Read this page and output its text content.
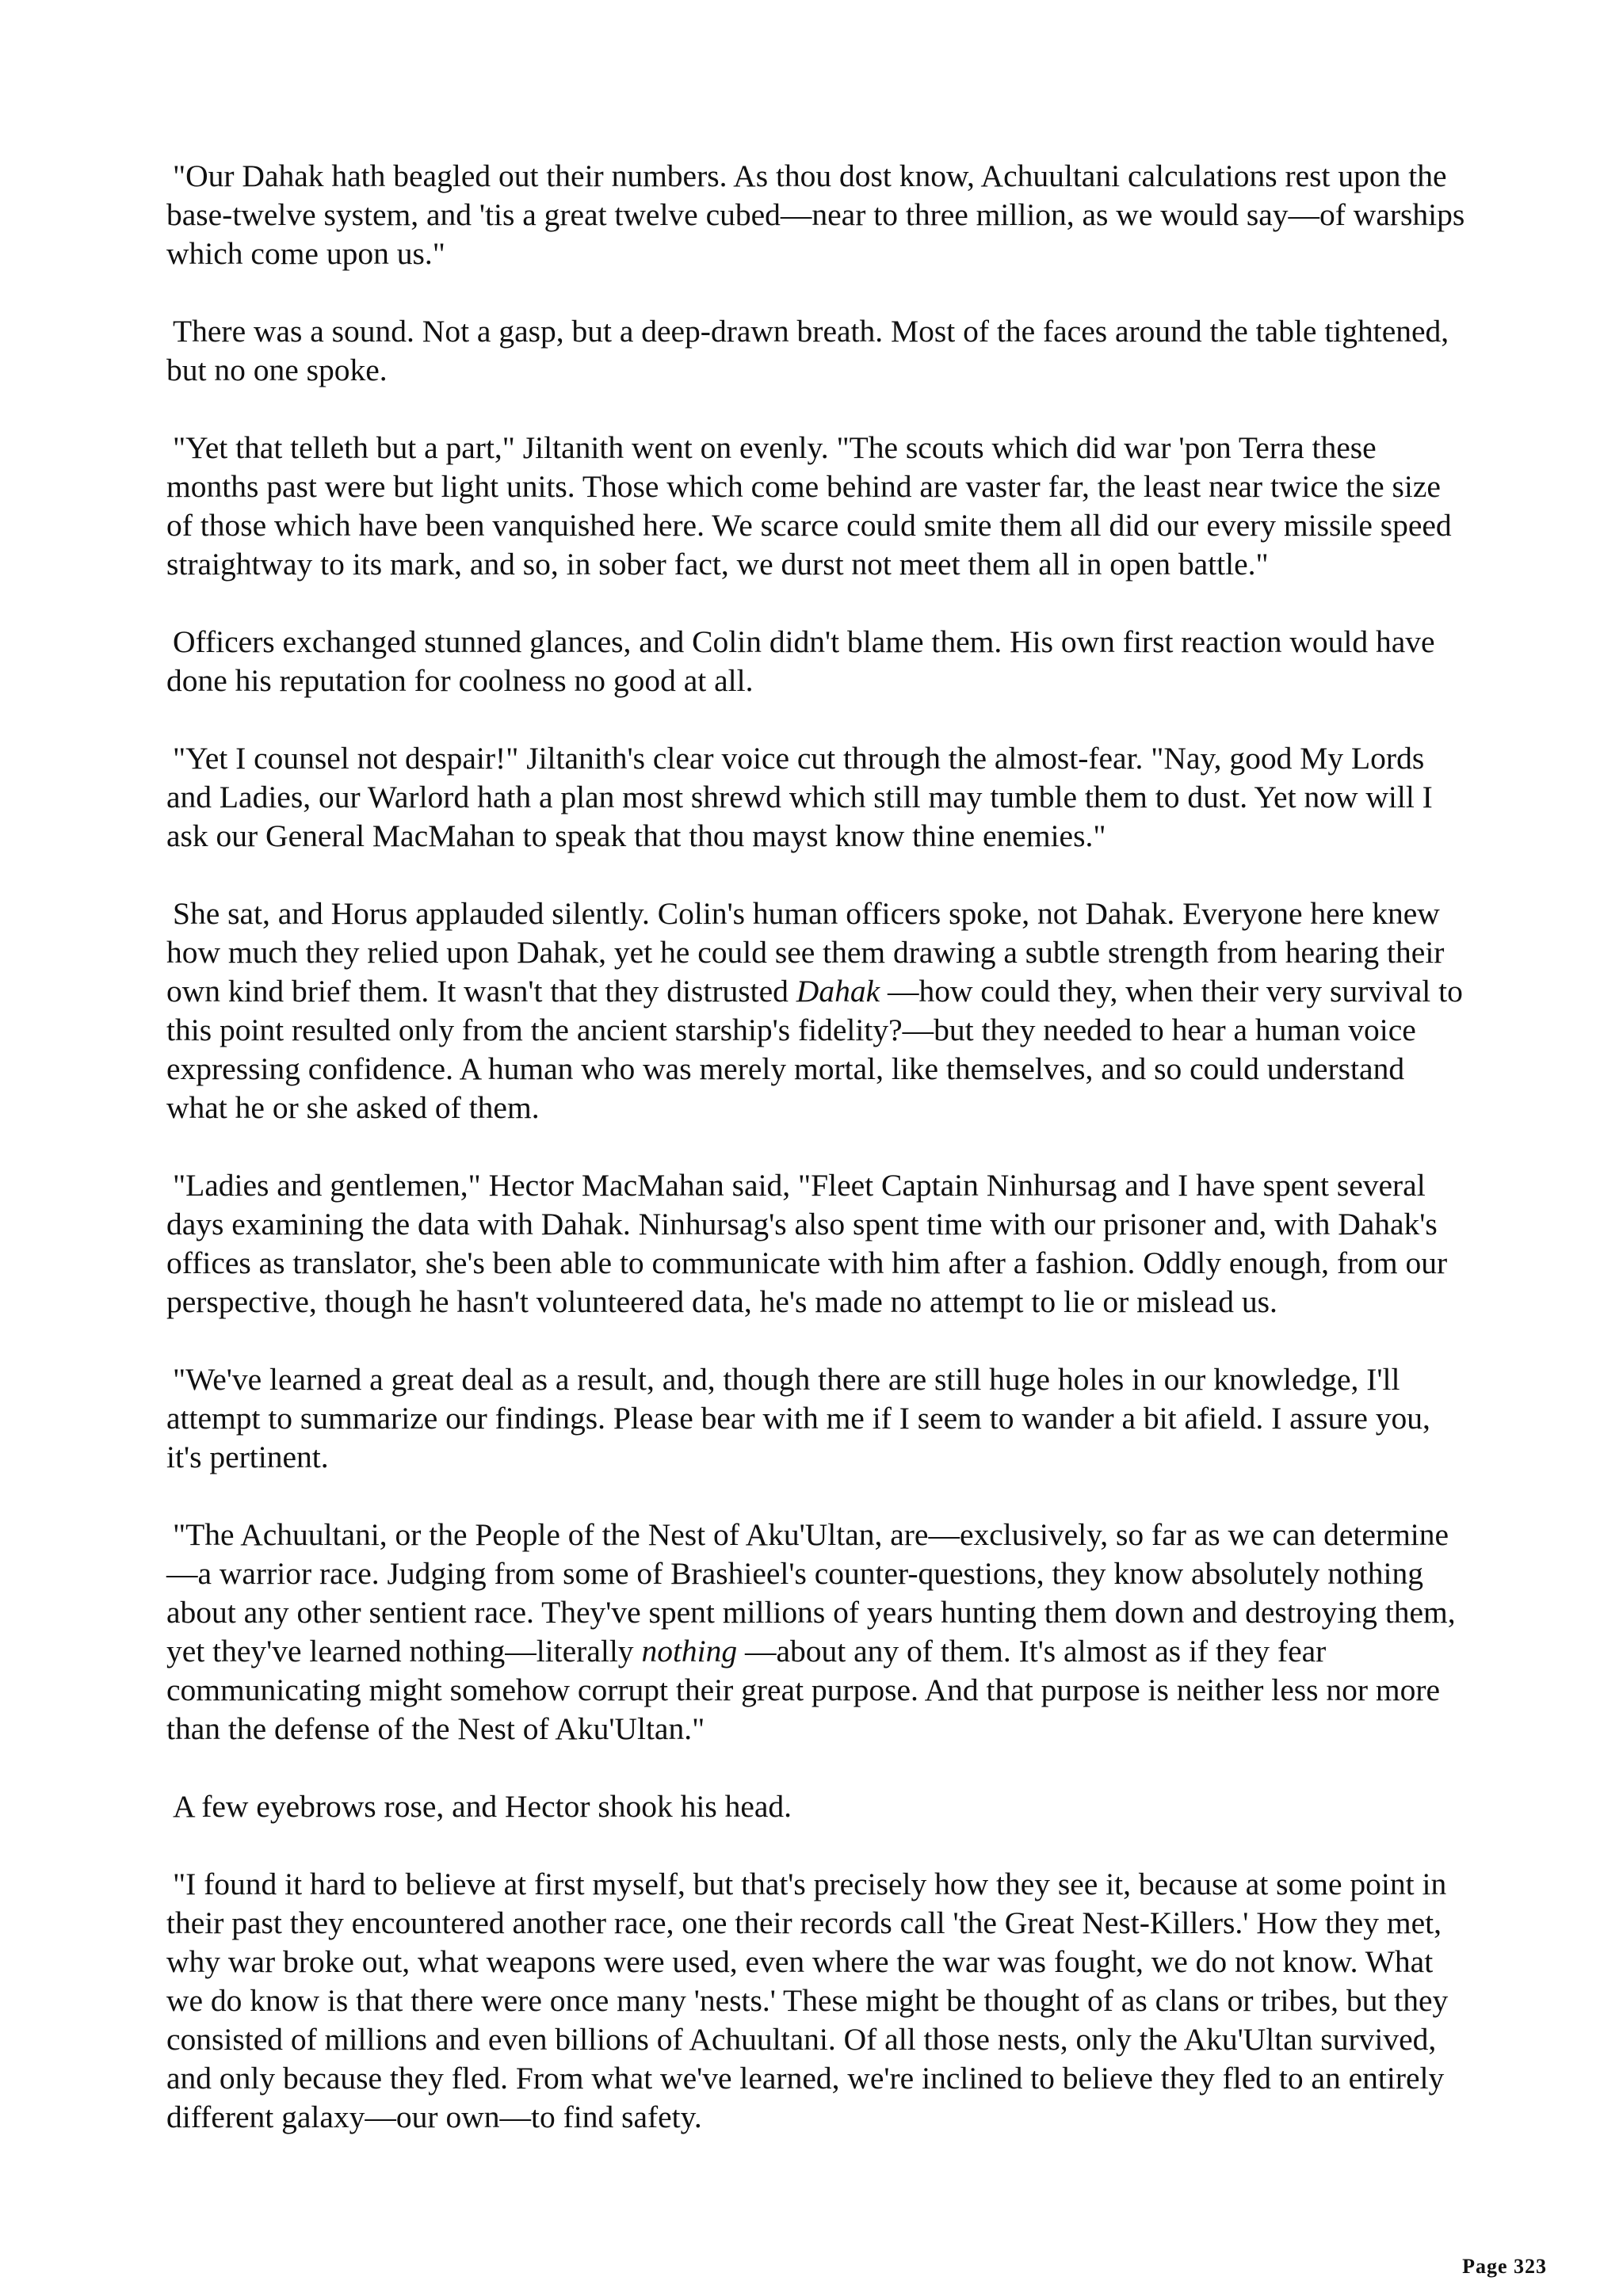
"Our Dahak hath beagled out their numbers. As thou dost know, Achuultani calculations rest upon the base-twelve system, and 'tis a great twelve cubed—near to three million, as we would say—of warships which come upon us."

There was a sound. Not a gasp, but a deep-drawn breath. Most of the faces around the table tightened, but no one spoke.

"Yet that telleth but a part," Jiltanith went on evenly. "The scouts which did war 'pon Terra these months past were but light units. Those which come behind are vaster far, the least near twice the size of those which have been vanquished here. We scarce could smite them all did our every missile speed straightway to its mark, and so, in sober fact, we durst not meet them all in open battle."

Officers exchanged stunned glances, and Colin didn't blame them. His own first reaction would have done his reputation for coolness no good at all.

"Yet I counsel not despair!" Jiltanith's clear voice cut through the almost-fear. "Nay, good My Lords and Ladies, our Warlord hath a plan most shrewd which still may tumble them to dust. Yet now will I ask our General MacMahan to speak that thou mayst know thine enemies."

She sat, and Horus applauded silently. Colin's human officers spoke, not Dahak. Everyone here knew how much they relied upon Dahak, yet he could see them drawing a subtle strength from hearing their own kind brief them. It wasn't that they distrusted Dahak —how could they, when their very survival to this point resulted only from the ancient starship's fidelity?—but they needed to hear a human voice expressing confidence. A human who was merely mortal, like themselves, and so could understand what he or she asked of them.

"Ladies and gentlemen," Hector MacMahan said, "Fleet Captain Ninhursag and I have spent several days examining the data with Dahak. Ninhursag's also spent time with our prisoner and, with Dahak's offices as translator, she's been able to communicate with him after a fashion. Oddly enough, from our perspective, though he hasn't volunteered data, he's made no attempt to lie or mislead us.

"We've learned a great deal as a result, and, though there are still huge holes in our knowledge, I'll attempt to summarize our findings. Please bear with me if I seem to wander a bit afield. I assure you, it's pertinent.

"The Achuultani, or the People of the Nest of Aku'Ultan, are—exclusively, so far as we can determine—a warrior race. Judging from some of Brashieel's counter-questions, they know absolutely nothing about any other sentient race. They've spent millions of years hunting them down and destroying them, yet they've learned nothing—literally nothing —about any of them. It's almost as if they fear communicating might somehow corrupt their great purpose. And that purpose is neither less nor more than the defense of the Nest of Aku'Ultan."

A few eyebrows rose, and Hector shook his head.

"I found it hard to believe at first myself, but that's precisely how they see it, because at some point in their past they encountered another race, one their records call 'the Great Nest-Killers.' How they met, why war broke out, what weapons were used, even where the war was fought, we do not know. What we do know is that there were once many 'nests.' These might be thought of as clans or tribes, but they consisted of millions and even billions of Achuultani. Of all those nests, only the Aku'Ultan survived, and only because they fled. From what we've learned, we're inclined to believe they fled to an entirely different galaxy—our own—to find safety.

Page 323
